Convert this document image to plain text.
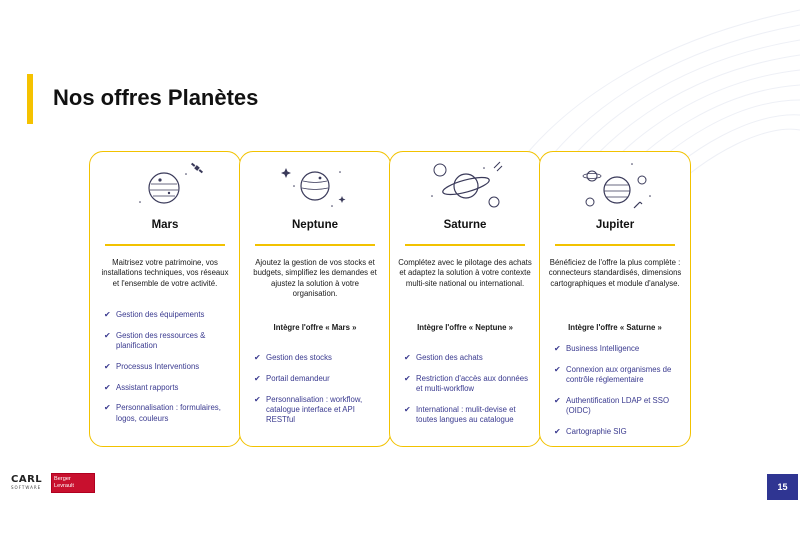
Nos offres Planètes
Mars
Maitrisez votre patrimoine, vos installations techniques, vos réseaux et l'ensemble de votre activité.
✔ Gestion des équipements
✔ Gestion des ressources & planification
✔ Processus Interventions
✔ Assistant rapports
✔ Personnalisation : formulaires, logos, couleurs
Neptune
Ajoutez la gestion de vos stocks et budgets, simplifiez les demandes et ajustez la solution à votre organisation.
Intègre l'offre « Mars »
✔ Gestion des stocks
✔ Portail demandeur
✔ Personnalisation : workflow, catalogue interface et API RESTful
Saturne
Complétez avec le pilotage des achats et adaptez la solution à votre contexte multi-site national ou international.
Intègre l'offre « Neptune »
✔ Gestion des achats
✔ Restriction d'accès aux données et multi-workflow
✔ International : mulit-devise et toutes langues au catalogue
Jupiter
Bénéficiez de l'offre la plus complète : connecteurs standardisés, dimensions cartographiques et module d'analyse.
Intègre l'offre « Saturne »
✔ Business Intelligence
✔ Connexion aux organismes de contrôle réglementaire
✔ Authentification LDAP et SSO (OIDC)
✔ Cartographie SIG
CARL
SOFTWARE
Berger
Levrault	15
